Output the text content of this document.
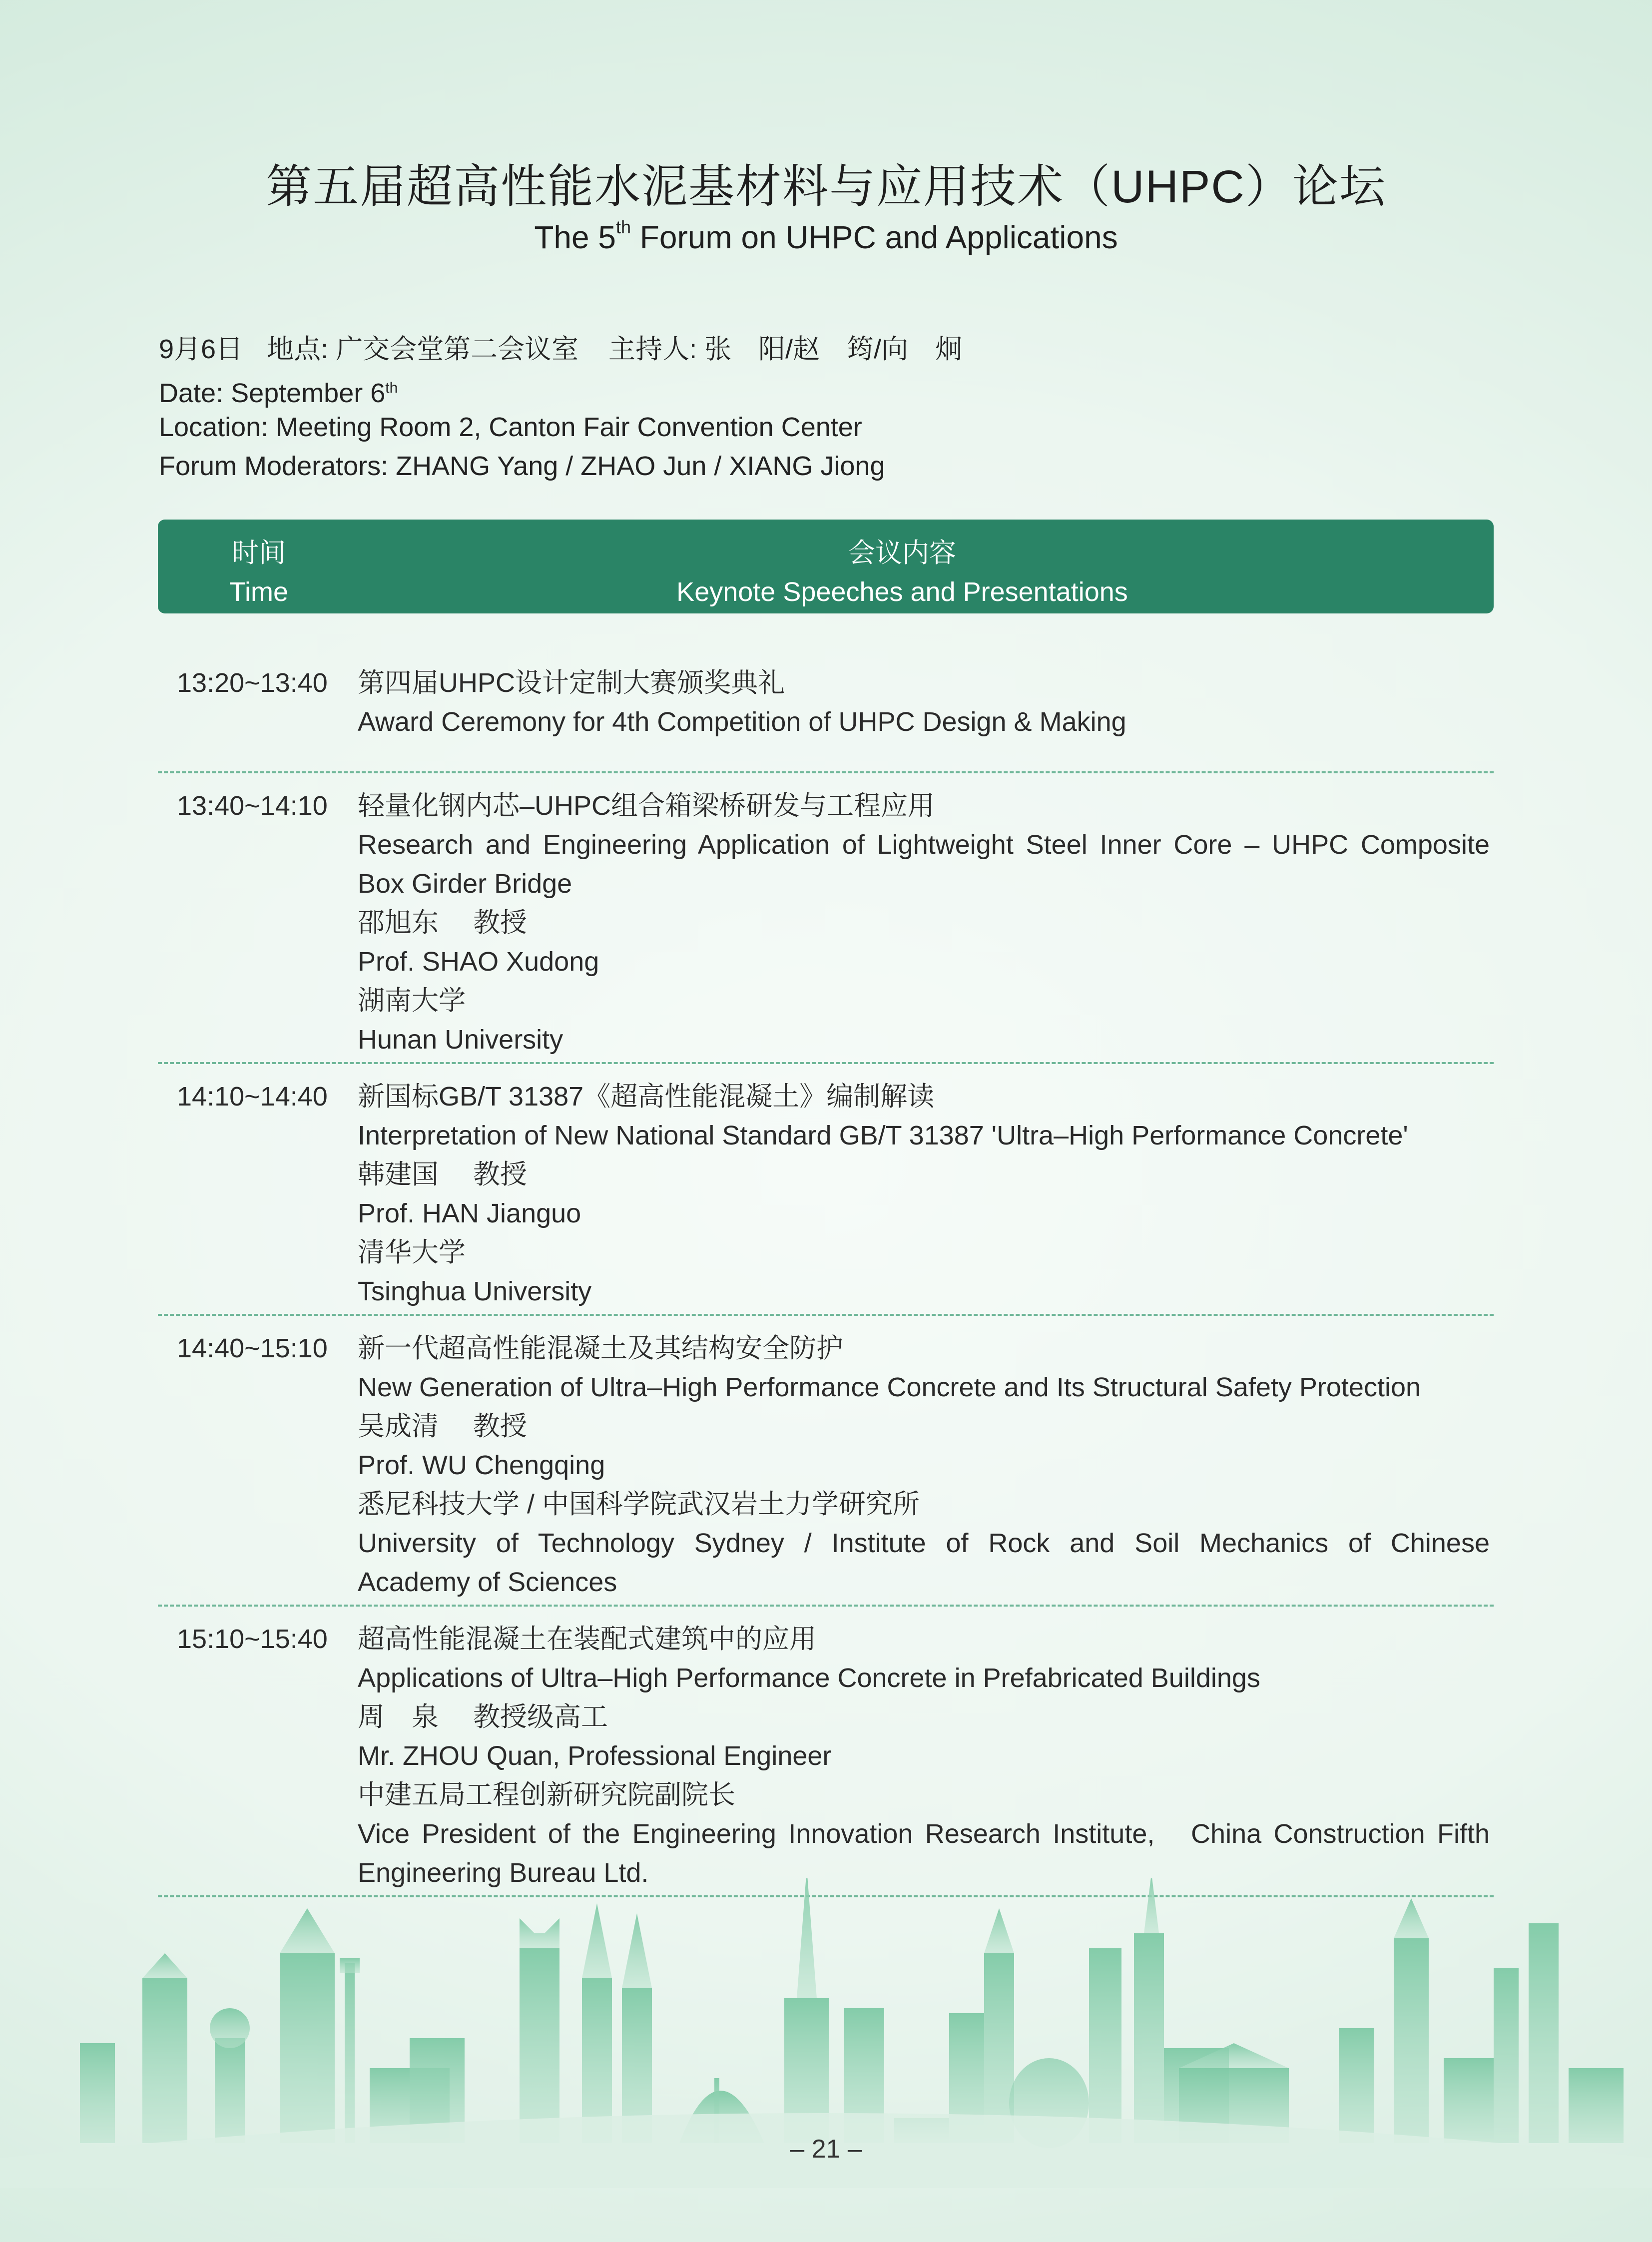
第五届超高性能水泥基材料与应用技术（UHPC）论坛
The 5th Forum on UHPC and Applications
9月6日 地点: 广交会堂第二会议室 主持人: 张 阳/赵 筠/向 炯
Date: September 6th
Location: Meeting Room 2, Canton Fair Convention Center
Forum Moderators: ZHANG Yang / ZHAO Jun / XIANG Jiong
时间
Time
会议内容
Keynote Speeches and Presentations
13:20~13:40 第四届UHPC设计定制大赛颁奖典礼
Award Ceremony for 4th Competition of UHPC Design & Making
13:40~14:10 轻量化钢内芯–UHPC组合箱梁桥研发与工程应用
Research and Engineering Application of Lightweight Steel Inner Core – UHPC Composite
Box Girder Bridge
邵旭东　 教授
Prof. SHAO Xudong
湖南大学
Hunan University
14:10~14:40 新国标GB/T 31387《超高性能混凝土》编制解读
Interpretation of New National Standard GB/T 31387 'Ultra–High Performance Concrete'
韩建国　 教授
Prof. HAN Jianguo
清华大学
Tsinghua University
14:40~15:10 新一代超高性能混凝土及其结构安全防护
New Generation of Ultra–High Performance Concrete and Its Structural Safety Protection
吴成清　 教授
Prof. WU Chengqing
悉尼科技大学 / 中国科学院武汉岩土力学研究所
University of Technology Sydney / Institute of Rock and Soil Mechanics of Chinese
Academy of Sciences
15:10~15:40 超高性能混凝土在装配式建筑中的应用
Applications of Ultra–High Performance Concrete in Prefabricated Buildings
周　泉　 教授级高工
Mr. ZHOU Quan, Professional Engineer
中建五局工程创新研究院副院长
Vice President of the Engineering Innovation Research Institute,　China Construction Fifth
Engineering Bureau Ltd.
– 21 –
